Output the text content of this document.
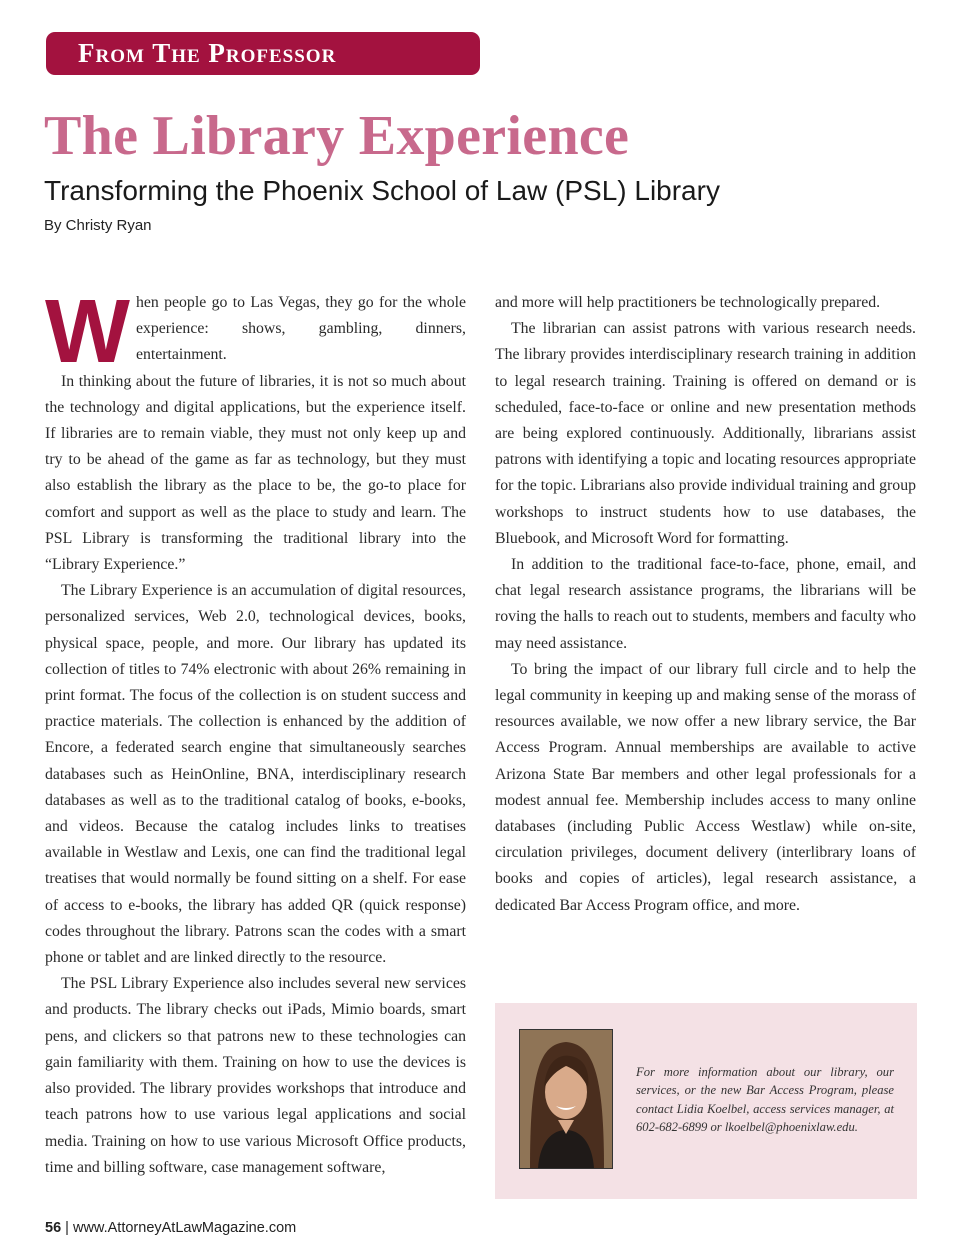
From The Professor
The Library Experience
Transforming the Phoenix School of Law (PSL) Library

By Christy Ryan

When people go to Las Vegas, they go for the whole experience: shows, gambling, dinners, entertainment.

In thinking about the future of libraries, it is not so much about the technology and digital applications, but the experience itself. If libraries are to remain viable, they must not only keep up and try to be ahead of the game as far as technology, but they must also establish the library as the place to be, the go-to place for comfort and support as well as the place to study and learn. The PSL Library is transforming the traditional library into the “Library Experience.”

The Library Experience is an accumulation of digital resources, personalized services, Web 2.0, technological devices, books, physical space, people, and more. Our library has updated its collection of titles to 74% electronic with about 26% remaining in print format. The focus of the collection is on student success and practice materials. The collection is enhanced by the addition of Encore, a federated search engine that simultaneously searches databases such as HeinOnline, BNA, interdisciplinary research databases as well as to the traditional catalog of books, e-books, and videos. Because the catalog includes links to treatises available in Westlaw and Lexis, one can find the traditional legal treatises that would normally be found sitting on a shelf. For ease of access to e-books, the library has added QR (quick response) codes throughout the library. Patrons scan the codes with a smart phone or tablet and are linked directly to the resource.

The PSL Library Experience also includes several new services and products. The library checks out iPads, Mimio boards, smart pens, and clickers so that patrons new to these technologies can gain familiarity with them. Training on how to use the devices is also provided. The library provides workshops that introduce and teach patrons how to use various legal applications and social media. Training on how to use various Microsoft Office products, time and billing software, case management software,

and more will help practitioners be technologically prepared.

The librarian can assist patrons with various research needs. The library provides interdisciplinary research training in addition to legal research training. Training is offered on demand or is scheduled, face-to-face or online and new presentation methods are being explored continuously. Additionally, librarians assist patrons with identifying a topic and locating resources appropriate for the topic. Librarians also provide individual training and group workshops to instruct students how to use databases, the Bluebook, and Microsoft Word for formatting.

In addition to the traditional face-to-face, phone, email, and chat legal research assistance programs, the librarians will be roving the halls to reach out to students, members and faculty who may need assistance.

To bring the impact of our library full circle and to help the legal community in keeping up and making sense of the morass of resources available, we now offer a new library service, the Bar Access Program. Annual memberships are available to active Arizona State Bar members and other legal professionals for a modest annual fee. Membership includes access to many online databases (including Public Access Westlaw) while on-site, circulation privileges, document delivery (interlibrary loans of books and copies of articles), legal research assistance, a dedicated Bar Access Program office, and more.

For more information about our library, our services, or the new Bar Access Program, please contact Lidia Koelbel, access services manager, at 602-682-6899 or lkoelbel@phoenixlaw.edu.

56 | www.AttorneyAtLawMagazine.com
